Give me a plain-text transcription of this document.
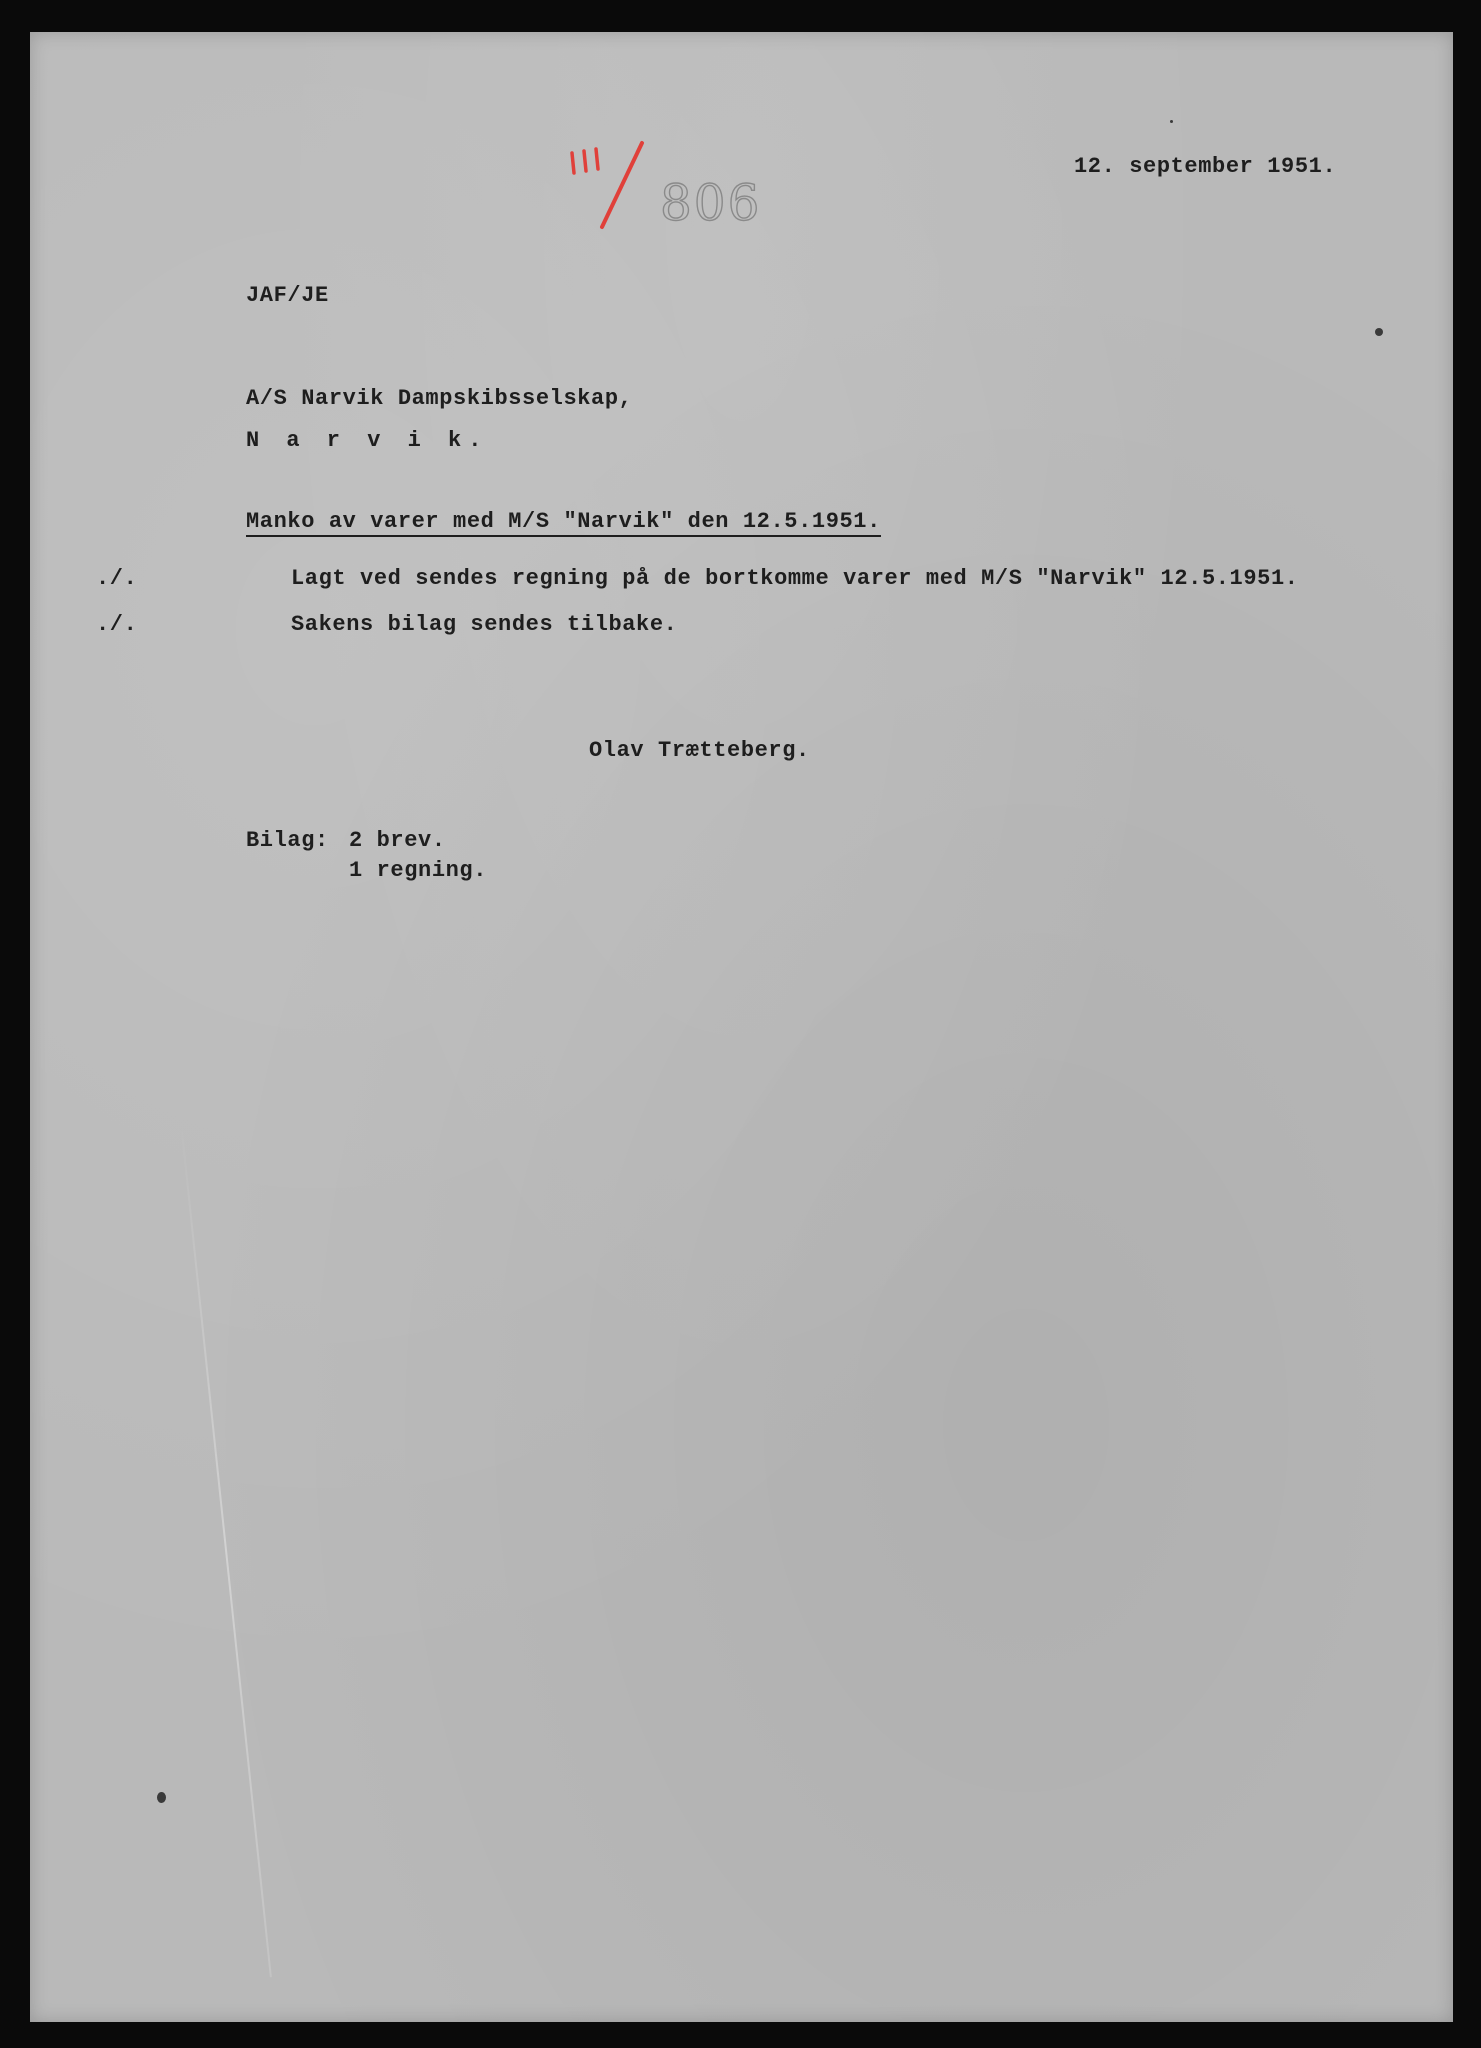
806
12. september 1951.
JAF/JE
A/S Narvik Dampskibsselskap,
N a r v i k.
Manko av varer med M/S "Narvik" den 12.5.1951.
./.	Lagt ved sendes regning på de bortkomme varer med M/S "Narvik" 12.5.1951.
./.	Sakens bilag sendes tilbake.
Olav Trætteberg.
Bilag: 2 brev.
1 regning.
